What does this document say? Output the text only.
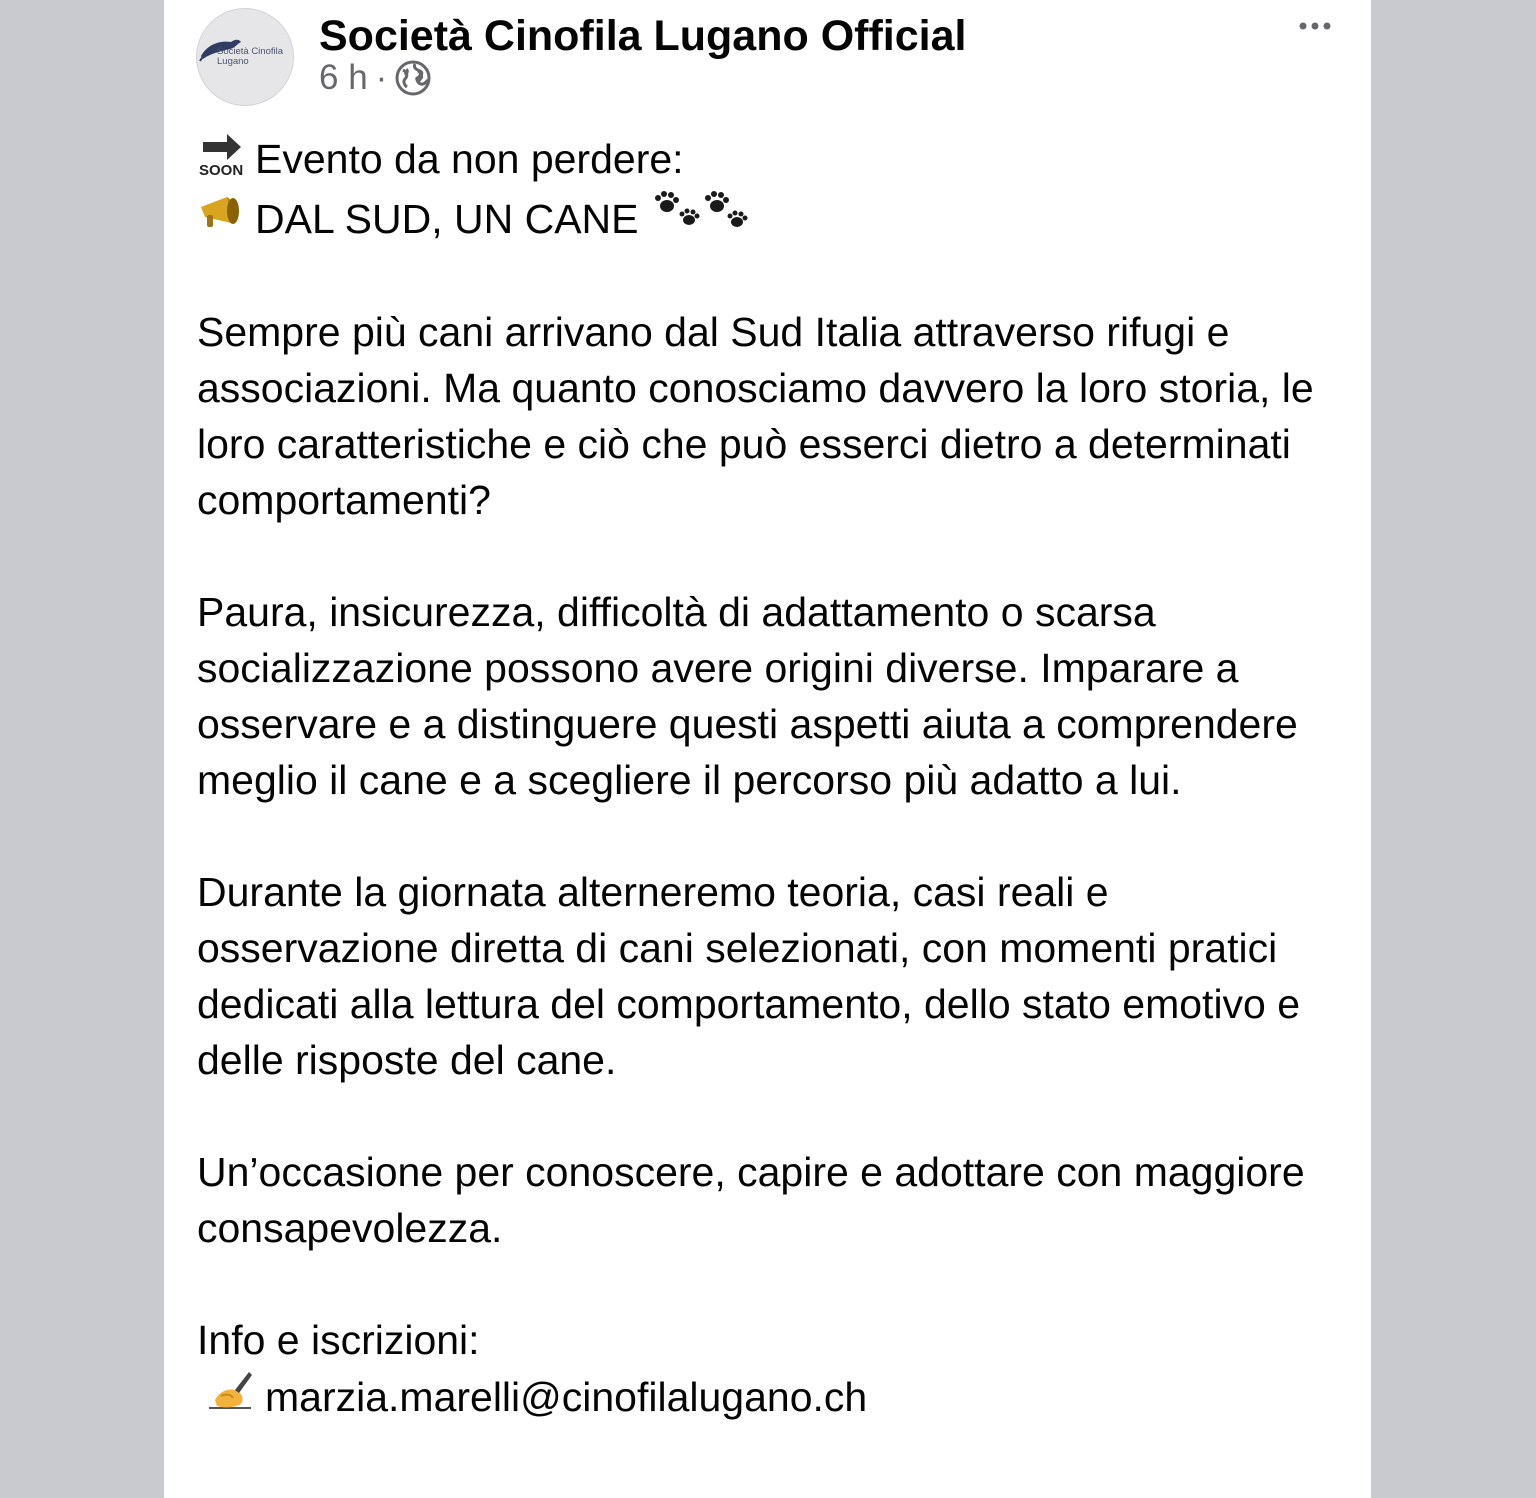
Società Cinofila
Lugano
Società Cinofila Lugano Official
6 h ·
SOON Evento da non perdere:
DAL SUD, UN CANE

Sempre più cani arrivano dal Sud Italia attraverso rifugi e associazioni. Ma quanto conosciamo davvero la loro storia, le loro caratteristiche e ciò che può esserci dietro a determinati comportamenti?

Paura, insicurezza, difficoltà di adattamento o scarsa socializzazione possono avere origini diverse. Imparare a osservare e a distinguere questi aspetti aiuta a comprendere meglio il cane e a scegliere il percorso più adatto a lui.

Durante la giornata alterneremo teoria, casi reali e osservazione diretta di cani selezionati, con momenti pratici dedicati alla lettura del comportamento, dello stato emotivo e delle risposte del cane.

Un’occasione per conoscere, capire e adottare con maggiore consapevolezza.

Info e iscrizioni:

marzia.marelli@cinofilalugano.ch
